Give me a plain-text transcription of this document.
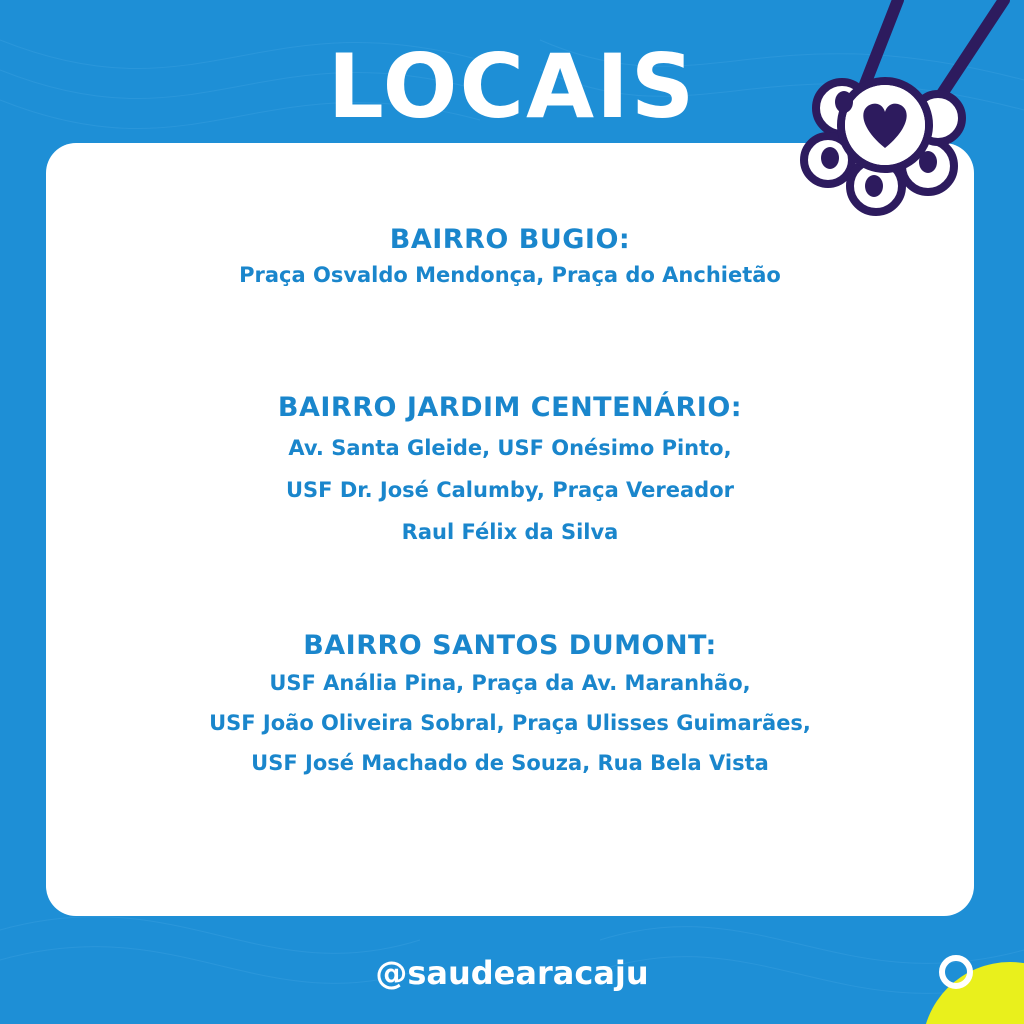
LOCAIS
BAIRRO BUGIO:
Praça Osvaldo Mendonça, Praça do Anchietão
BAIRRO JARDIM CENTENÁRIO:
Av. Santa Gleide, USF Onésimo Pinto,
USF Dr. José Calumby, Praça Vereador
Raul Félix da Silva
BAIRRO SANTOS DUMONT:
USF Anália Pina, Praça da Av. Maranhão,
USF João Oliveira Sobral, Praça Ulisses Guimarães,
USF José Machado de Souza, Rua Bela Vista
@saudearacaju
